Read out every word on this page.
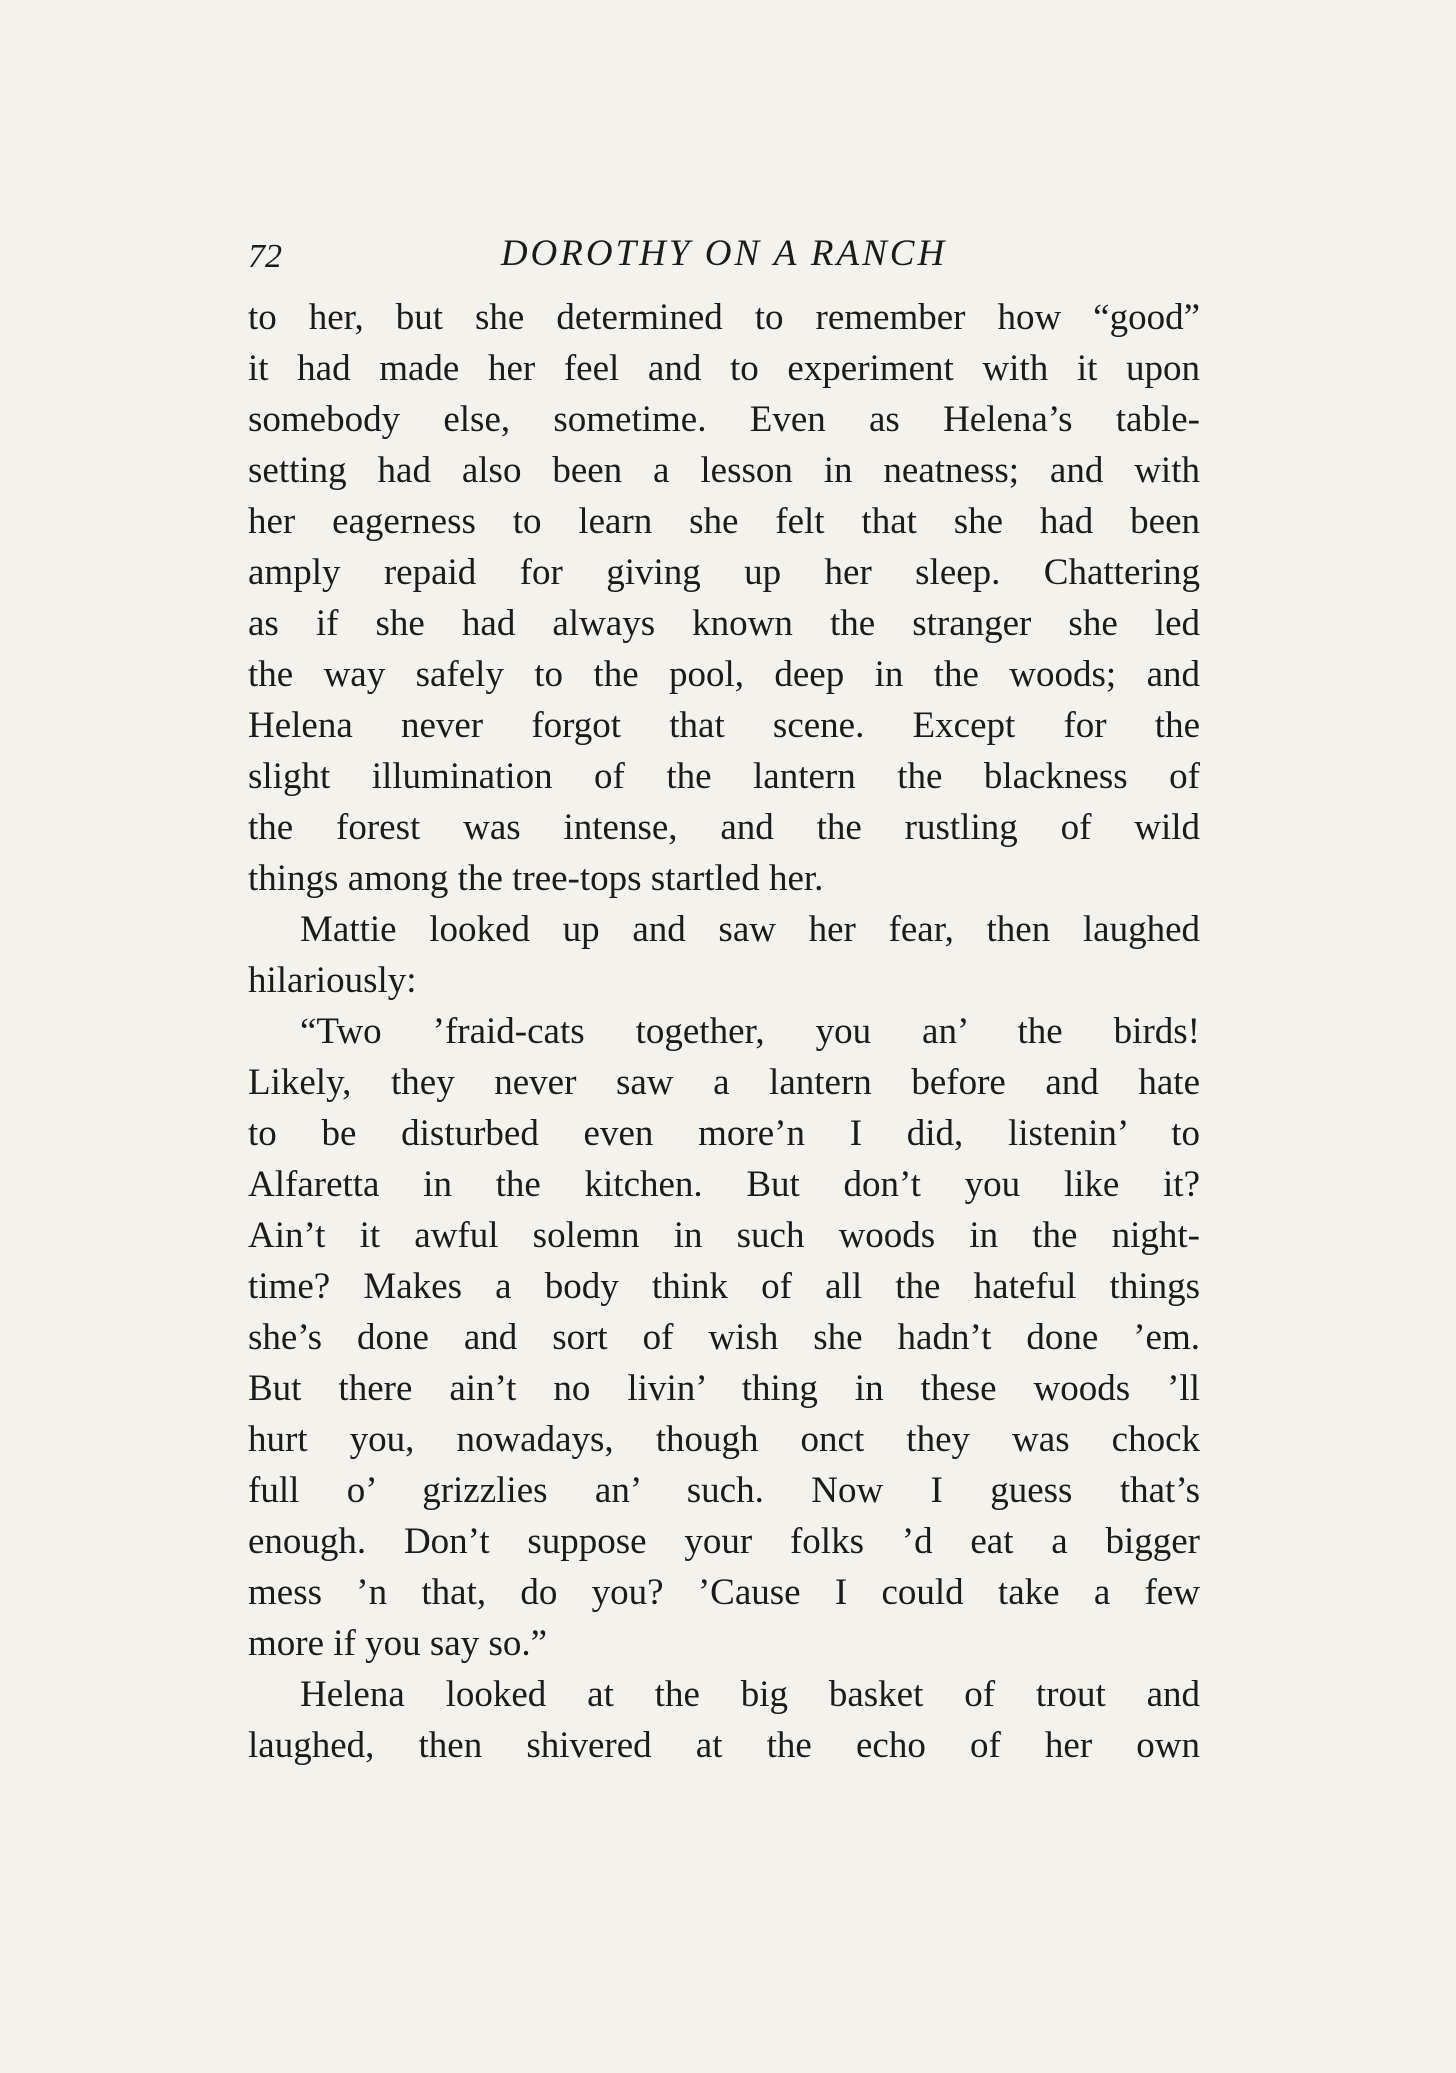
72	DOROTHY ON A RANCH
to her, but she determined to remember how “good”
it had made her feel and to experiment with it upon
somebody else, sometime. Even as Helena’s table-
setting had also been a lesson in neatness; and with
her eagerness to learn she felt that she had been
amply repaid for giving up her sleep. Chattering
as if she had always known the stranger she led
the way safely to the pool, deep in the woods; and
Helena never forgot that scene. Except for the
slight illumination of the lantern the blackness of
the forest was intense, and the rustling of wild
things among the tree-tops startled her.
Mattie looked up and saw her fear, then laughed
hilariously:
“Two ’fraid-cats together, you an’ the birds!
Likely, they never saw a lantern before and hate
to be disturbed even more’n I did, listenin’ to
Alfaretta in the kitchen. But don’t you like it?
Ain’t it awful solemn in such woods in the night-
time? Makes a body think of all the hateful things
she’s done and sort of wish she hadn’t done ’em.
But there ain’t no livin’ thing in these woods ’ll
hurt you, nowadays, though onct they was chock
full o’ grizzlies an’ such. Now I guess that’s
enough. Don’t suppose your folks ’d eat a bigger
mess ’n that, do you? ’Cause I could take a few
more if you say so.”
Helena looked at the big basket of trout and
laughed, then shivered at the echo of her own
